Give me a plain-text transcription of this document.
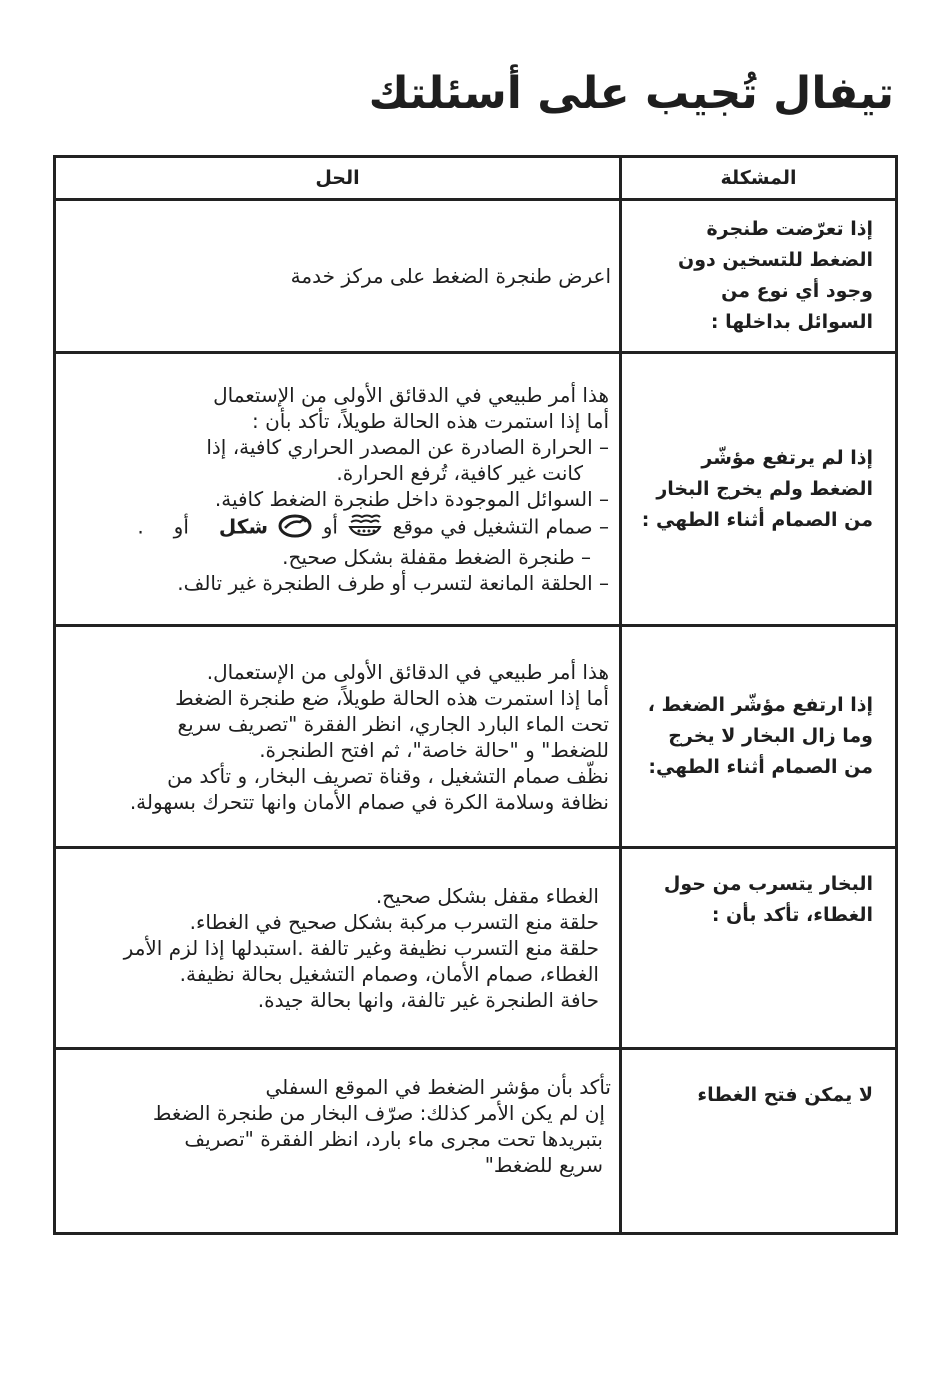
تيفال تُجيب على أسئلتك
المشكلة
الحل
إذا تعرّضت طنجرة
الضغط للتسخين دون
وجود أي نوع من
السوائل بداخلها :
اعرض طنجرة الضغط على مركز خدمة
إذا لم يرتفع مؤشّر
الضغط ولم يخرج البخار
من الصمام أثناء الطهي :
هذا أمر طبيعي في الدقائق الأولى من الإستعمال
أما إذا استمرت هذه الحالة طويلاً، تأكد بأن :
– الحرارة الصادرة عن المصدر الحراري كافية، إذا
كانت غير كافية، تُرفع الحرارة.
– السوائل الموجودة داخل طنجرة الضغط كافية.
– صمام التشغيل في موقع  أو  شكلأو.
– طنجرة الضغط مقفلة بشكل صحيح.
– الحلقة المانعة لتسرب أو طرف الطنجرة غير تالف.
إذا ارتفع مؤشّر الضغط ،
وما زال البخار لا يخرج
من الصمام أثناء الطهي:
هذا أمر طبيعي في الدقائق الأولى من الإستعمال.
أما إذا استمرت هذه الحالة طويلاً، ضع طنجرة الضغط
تحت الماء البارد الجاري، انظر الفقرة "تصريف سريع
للضغط" و "حالة خاصة"، ثم افتح الطنجرة.
نظّف صمام التشغيل ، وقناة تصريف البخار، و تأكد من
نظافة وسلامة الكرة في صمام الأمان وانها تتحرك بسهولة.
البخار يتسرب من حول
الغطاء، تأكد بأن :
الغطاء مقفل بشكل صحيح.
حلقة منع التسرب مركبة بشكل صحيح في الغطاء.
حلقة منع التسرب نظيفة وغير تالفة .استبدلها إذا لزم الأمر
الغطاء، صمام الأمان، وصمام التشغيل بحالة نظيفة.
حافة الطنجرة غير تالفة، وانها بحالة جيدة.
لا يمكن فتح الغطاء
تأكد بأن مؤشر الضغط في الموقع السفلي
إن لم يكن الأمر كذلك: صرّف البخار من طنجرة الضغط
بتبريدها تحت مجرى ماء بارد، انظر الفقرة "تصريف
سريع للضغط"
